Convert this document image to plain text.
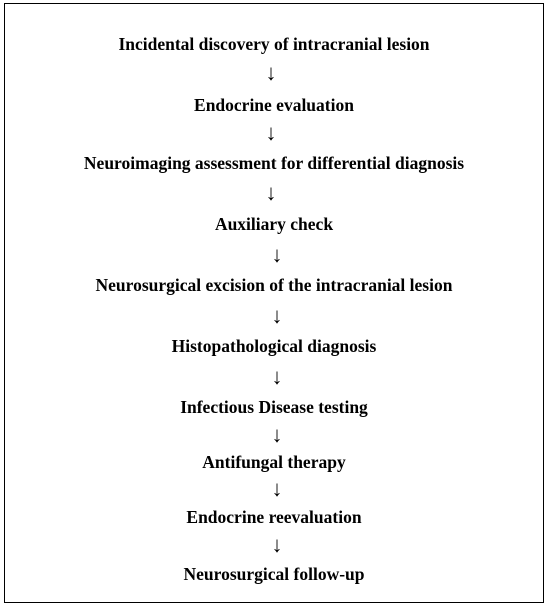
Incidental discovery of intracranial lesion
↓
Endocrine evaluation
↓
Neuroimaging assessment for differential diagnosis
↓
Auxiliary check
↓
Neurosurgical excision of the intracranial lesion
↓
Histopathological diagnosis
↓
Infectious Disease testing
↓
Antifungal therapy
↓
Endocrine reevaluation
↓
Neurosurgical follow-up
